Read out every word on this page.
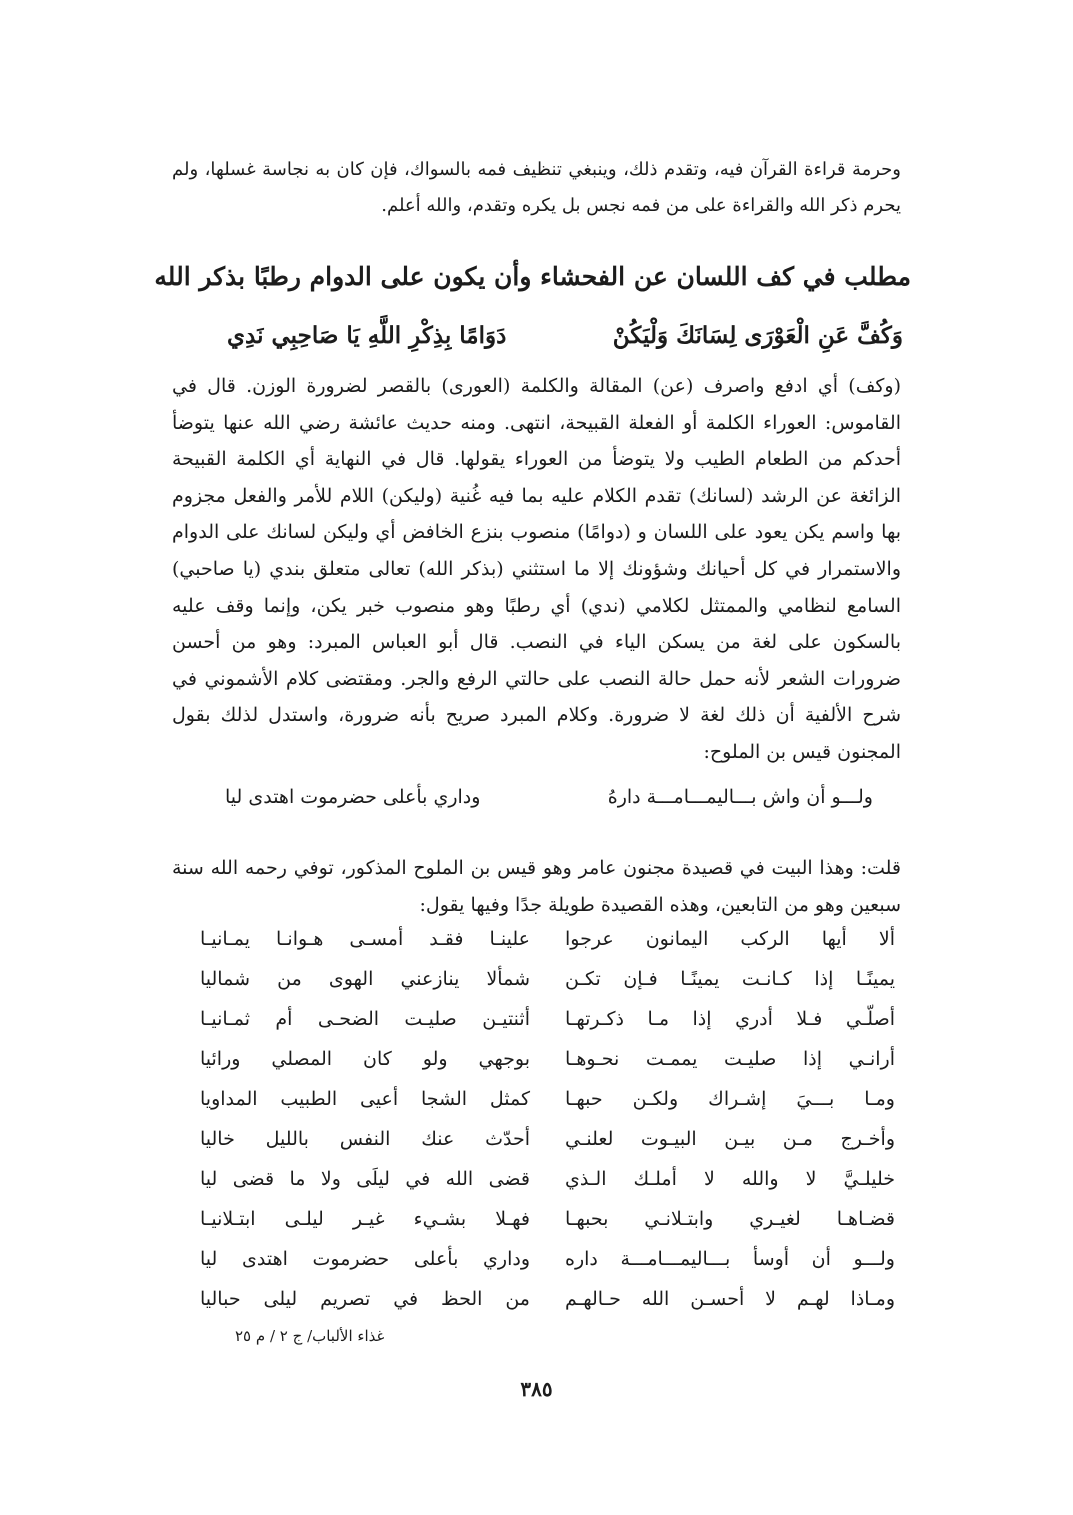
وحرمة قراءة القرآن فيه، وتقدم ذلك، وينبغي تنظيف فمه بالسواك، فإن كان به نجاسة غسلها، ولم يحرم ذكر الله والقراءة على من فمه نجس بل يكره وتقدم، والله أعلم.

مطلب في كف اللسان عن الفحشاء وأن يكون على الدوام رطبًا بذكر الله
وَكُفَّ عَنِ الْعَوْرَى لِسَانَكَ وَلْيَكُنْ
دَوَامًا بِذِكْرِ اللَّهِ يَا صَاحِبِي نَدِي

(وكف) أي ادفع واصرف (عن) المقالة والكلمة (العورى) بالقصر لضرورة الوزن. قال في القاموس: العوراء الكلمة أو الفعلة القبيحة، انتهى. ومنه حديث عائشة رضي الله عنها يتوضأ أحدكم من الطعام الطيب ولا يتوضأ من العوراء يقولها. قال في النهاية أي الكلمة القبيحة الزائغة عن الرشد (لسانك) تقدم الكلام عليه بما فيه غُنية (وليكن) اللام للأمر والفعل مجزوم بها واسم يكن يعود على اللسان و (دوامًا) منصوب بنزع الخافض أي وليكن لسانك على الدوام والاستمرار في كل أحيانك وشؤونك إلا ما استثني (بذكر الله) تعالى متعلق بندي (يا صاحبي) السامع لنظامي والممتثل لكلامي (ندي) أي رطبًا وهو منصوب خبر يكن، وإنما وقف عليه بالسكون على لغة من يسكن الياء في النصب. قال أبو العباس المبرد: وهو من أحسن ضرورات الشعر لأنه حمل حالة النصب على حالتي الرفع والجر. ومقتضى كلام الأشموني في شرح الألفية أن ذلك لغة لا ضرورة. وكلام المبرد صريح بأنه ضرورة، واستدل لذلك بقول المجنون قيس بن الملوح:

ولـــو أن واش بـــاليمـــامـــة دارهُ
وداري بأعلى حضرموت اهتدى ليا

قلت: وهذا البيت في قصيدة مجنون عامر وهو قيس بن الملوح المذكور، توفي رحمه الله سنة سبعين وهو من التابعين، وهذه القصيدة طويلة جدًا وفيها يقول:

ألا أيها الركب اليمانون عرجوا
علينـا فقـد أمسـى هـوانـا يمـانيـا
يمينًـا إذا كـانـت يمينًـا فـإن تكـن
شمألا ينازعني الهوى من شماليا
أصلّـي فـلا أدري إذا مـا ذكـرتهـا
أثنتيـن صليـت الضحـى أم ثمـانيـا
أرانـي إذا صليـت يممـت نحـوهـا
بوجهي ولو كان المصلي ورائيا
ومـا بـــيَ إشـراك ولكـن حبهـا
كمثل الشجا أعيى الطبيب المداويا
وأخـرج مـن بيـن البيـوت لعلنـي
أحدّث عنك النفس بالليل خاليا
خليلـيَّ لا والله لا أملـك الـذي
قضى الله في ليلَى ولا ما قضى ليا
قضـاهـا لغيـري وابتـلانـي بحبهـا
فهـلا بشـيء غيـر ليلـى ابتـلانيـا
ولـــو أن أوسأ بـــاليمـــامـــة داره
وداري بأعلى حضرموت اهتدى ليا
ومـاذا لهـم لا أحسـن الله حـالهـم
من الحظ في تصريم ليلى حباليا
غذاء الألباب/ ج ٢ / م ٢٥
٣٨٥
